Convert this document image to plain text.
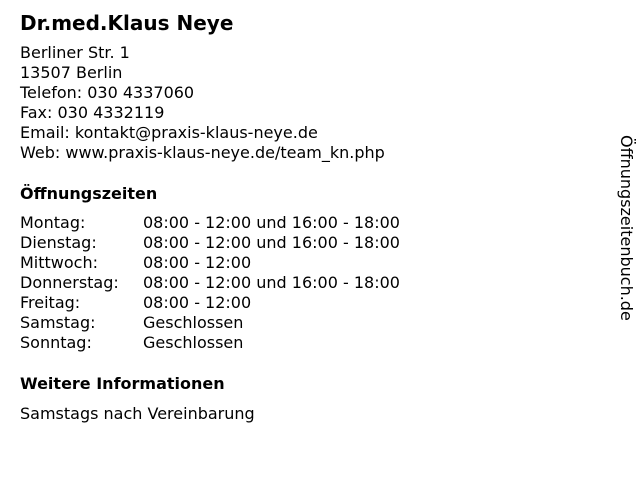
Dr.med.Klaus Neye
Berliner Str. 1
13507 Berlin
Telefon: 030 4337060
Fax: 030 4332119
Email: kontakt@praxis-klaus-neye.de
Web: www.praxis-klaus-neye.de/team_kn.php
Öffnungszeiten
Montag:	08:00 - 12:00 und 16:00 - 18:00
Dienstag:	08:00 - 12:00 und 16:00 - 18:00
Mittwoch:	08:00 - 12:00
Donnerstag:	08:00 - 12:00 und 16:00 - 18:00
Freitag:	08:00 - 12:00
Samstag:	Geschlossen
Sonntag:	Geschlossen
Weitere Informationen
Samstags nach Vereinbarung
Öffnungszeitenbuch.de
